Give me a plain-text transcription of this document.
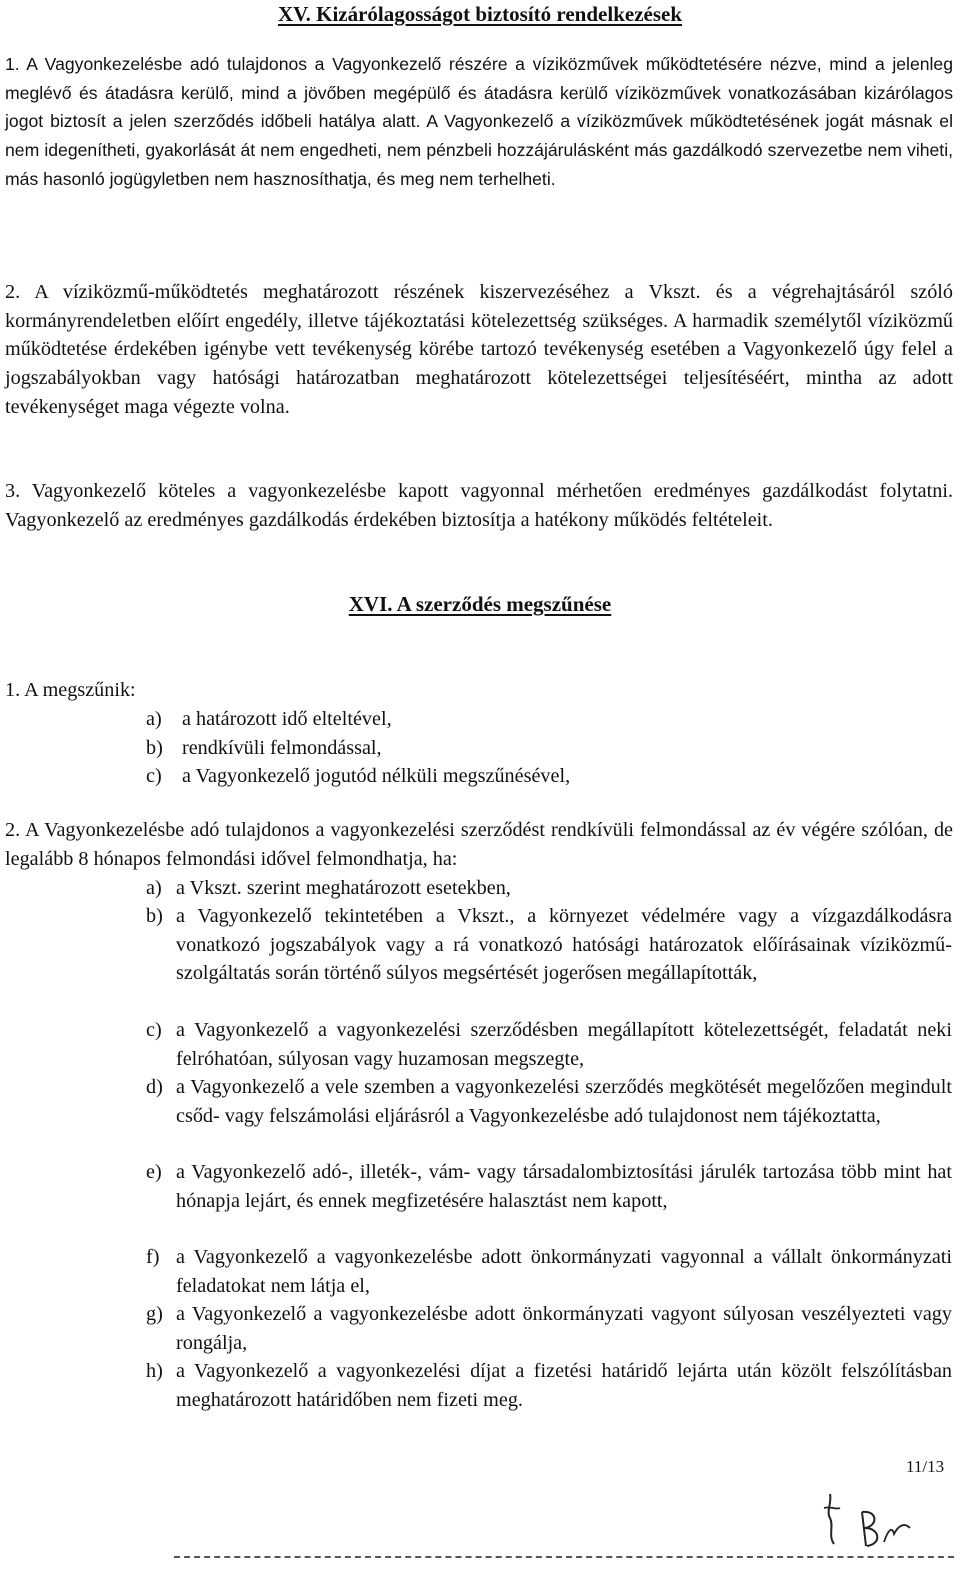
XV. Kizárólagosságot biztosító rendelkezések
1. A Vagyonkezelésbe adó tulajdonos a Vagyonkezelő részére a víziközművek működtetésére nézve, mind a jelenleg meglévő és átadásra kerülő, mind a jövőben megépülő és átadásra kerülő víziközművek vonatkozásában kizárólagos jogot biztosít a jelen szerződés időbeli hatálya alatt. A Vagyonkezelő a víziközművek működtetésének jogát másnak el nem idegenítheti, gyakorlását át nem engedheti, nem pénzbeli hozzájárulásként más gazdálkodó szervezetbe nem viheti, más hasonló jogügyletben nem hasznosíthatja, és meg nem terhelheti.
2. A víziközmű-működtetés meghatározott részének kiszervezéséhez a Vkszt. és a végrehajtásáról szóló kormányrendeletben előírt engedély, illetve tájékoztatási kötelezettség szükséges. A harmadik személytől víziközmű működtetése érdekében igénybe vett tevékenység körébe tartozó tevékenység esetében a Vagyonkezelő úgy felel a jogszabályokban vagy hatósági határozatban meghatározott kötelezettségei teljesítéséért, mintha az adott tevékenységet maga végezte volna.
3. Vagyonkezelő köteles a vagyonkezelésbe kapott vagyonnal mérhetően eredményes gazdálkodást folytatni. Vagyonkezelő az eredményes gazdálkodás érdekében biztosítja a hatékony működés feltételeit.
XVI. A szerződés megszűnése
1. A megszűnik:
a)	a határozott idő elteltével,
b) rendkívüli felmondással,
c)	a Vagyonkezelő jogutód nélküli megszűnésével,
2. A Vagyonkezelésbe adó tulajdonos a vagyonkezelési szerződést rendkívüli felmondással az év végére szólóan, de legalább 8 hónapos felmondási idővel felmondhatja, ha:
a) a Vkszt. szerint meghatározott esetekben,
b) a Vagyonkezelő tekintetében a Vkszt., a környezet védelmére vagy a vízgazdálkodásra vonatkozó jogszabályok vagy a rá vonatkozó hatósági határozatok előírásainak víziközmű-szolgáltatás során történő súlyos megsértését jogerősen megállapították,
c) a Vagyonkezelő a vagyonkezelési szerződésben megállapított kötelezettségét, feladatát neki felróhatóan, súlyosan vagy huzamosan megszegte,
d) a Vagyonkezelő a vele szemben a vagyonkezelési szerződés megkötését megelőzően megindult csőd- vagy felszámolási eljárásról a Vagyonkezelésbe adó tulajdonost nem tájékoztatta,
e) a Vagyonkezelő adó-, illeték-, vám- vagy társadalombiztosítási járulék tartozása több mint hat hónapja lejárt, és ennek megfizetésére halasztást nem kapott,
f) a Vagyonkezelő a vagyonkezelésbe adott önkormányzati vagyonnal a vállalt önkormányzati feladatokat nem látja el,
g) a Vagyonkezelő a vagyonkezelésbe adott önkormányzati vagyont súlyosan veszélyezteti vagy rongálja,
h) a Vagyonkezelő a vagyonkezelési díjat a fizetési határidő lejárta után közölt felszólításban meghatározott határidőben nem fizeti meg.
11/13
